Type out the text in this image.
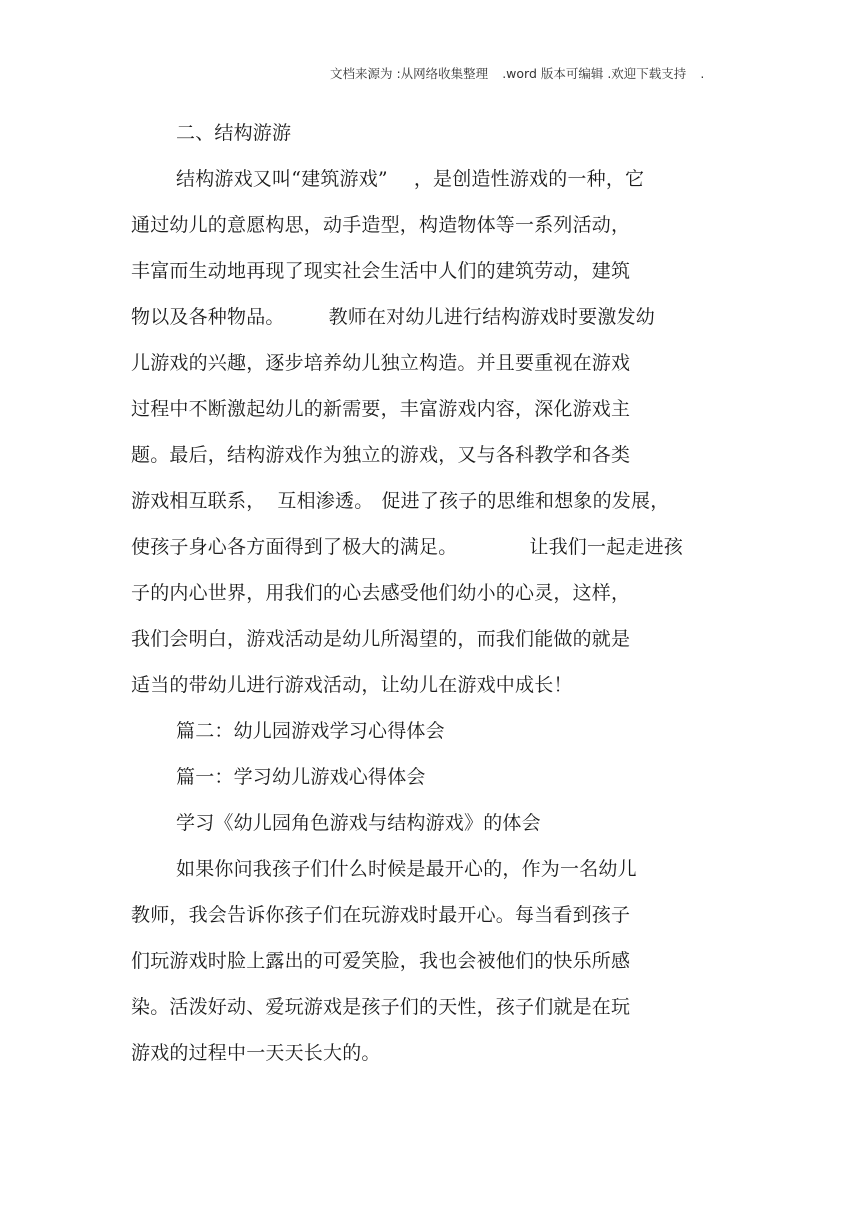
文档来源为 :从网络收集整理 .word 版本可编辑 .欢迎下载支持 .
二、结构游游
结构游戏又叫“建筑游戏” ，是创造性游戏的一种，它
通过幼儿的意愿构思，动手造型，构造物体等一系列活动，
丰富而生动地再现了现实社会生活中人们的建筑劳动，建筑
物以及各种物品。 教师在对幼儿进行结构游戏时要激发幼
儿游戏的兴趣，逐步培养幼儿独立构造。并且要重视在游戏
过程中不断激起幼儿的新需要，丰富游戏内容，深化游戏主
题。最后，结构游戏作为独立的游戏，又与各科教学和各类
游戏相互联系， 互相渗透。 促进了孩子的思维和想象的发展，
使孩子身心各方面得到了极大的满足。	让我们一起走进孩
子的内心世界，用我们的心去感受他们幼小的心灵，这样，
我们会明白，游戏活动是幼儿所渴望的，而我们能做的就是
适当的带幼儿进行游戏活动，让幼儿在游戏中成长！
篇二：幼儿园游戏学习心得体会
篇一：学习幼儿游戏心得体会
学习《幼儿园角色游戏与结构游戏》的体会
如果你问我孩子们什么时候是最开心的，作为一名幼儿
教师，我会告诉你孩子们在玩游戏时最开心。每当看到孩子
们玩游戏时脸上露出的可爱笑脸，我也会被他们的快乐所感
染。活泼好动、爱玩游戏是孩子们的天性，孩子们就是在玩
游戏的过程中一天天长大的。
